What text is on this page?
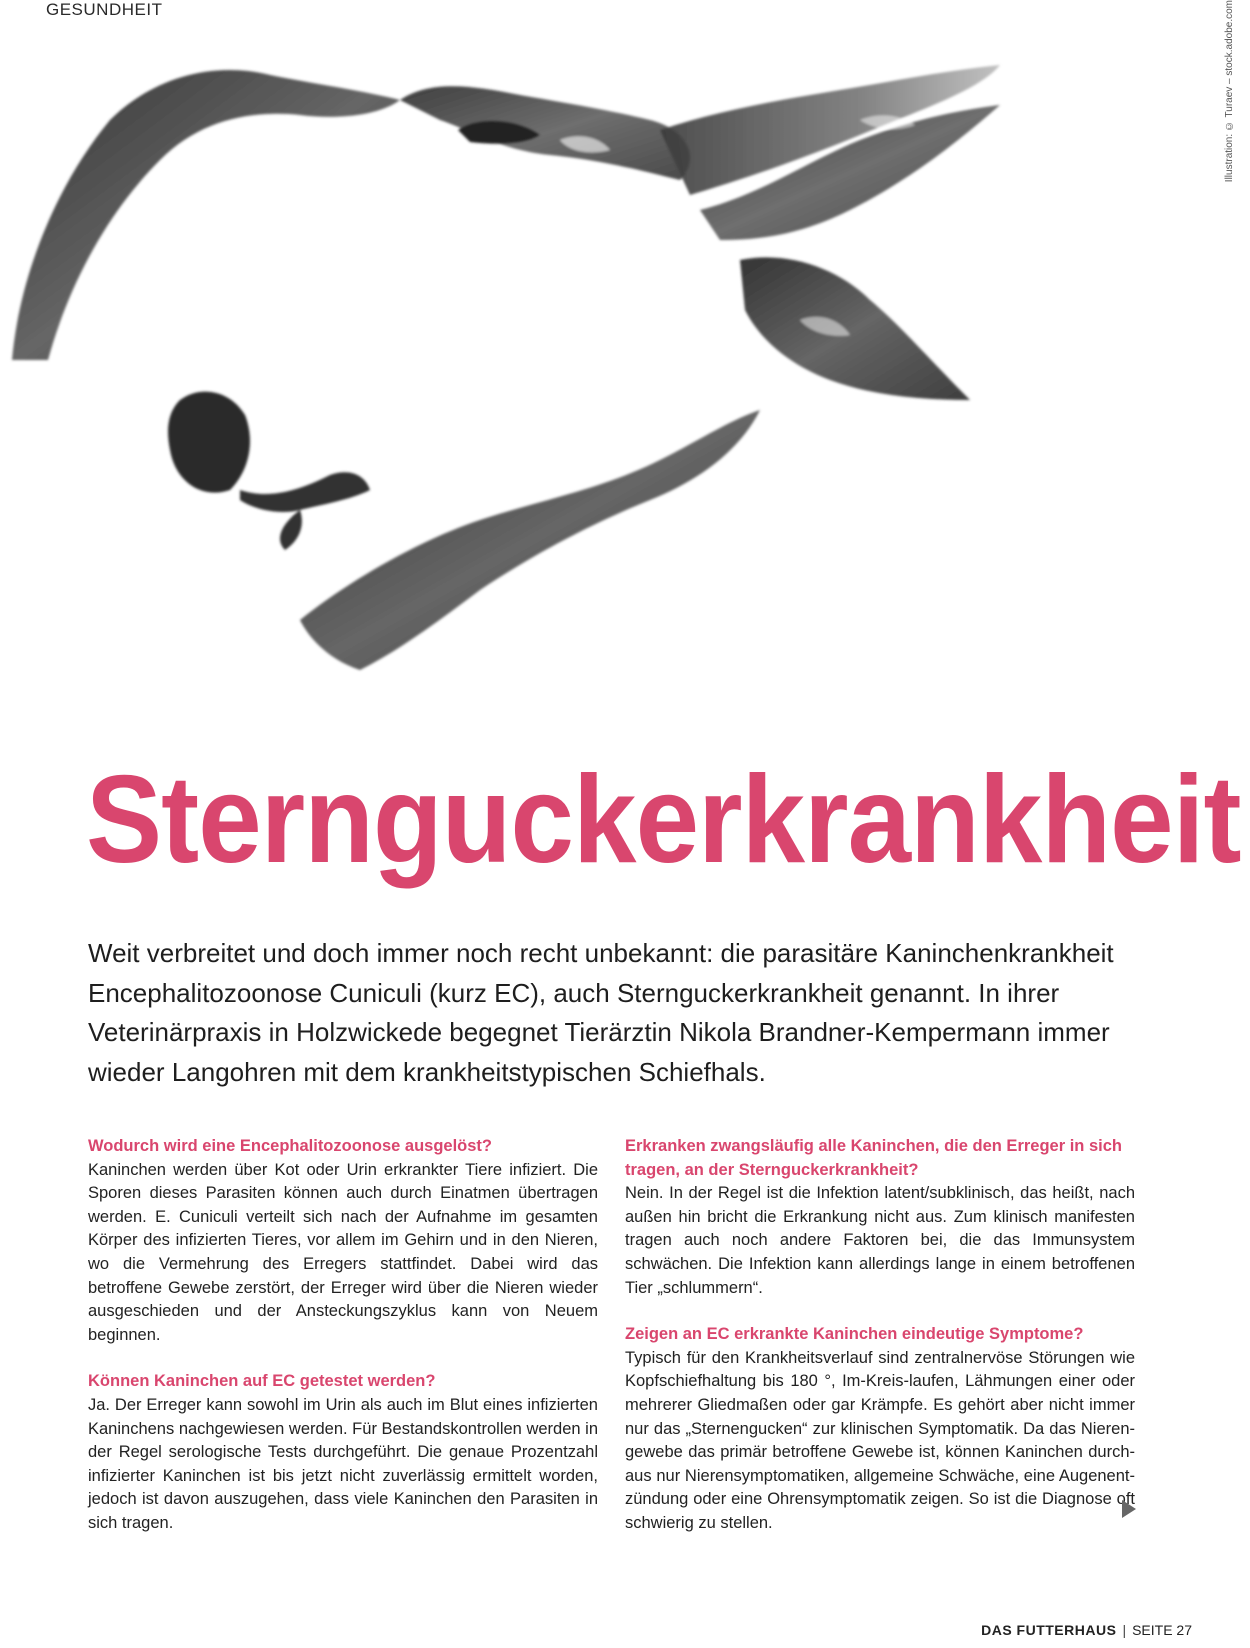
GESUNDHEIT	Illustration: © Turaev – stock.adobe.com
Sternguckerkrankheit

Weit verbreitet und doch immer noch recht unbekannt: die parasitäre Kaninchenkrankheit Encephalitozoonose Cuniculi (kurz EC), auch Sternguckerkrankheit genannt. In ihrer Veterinärpraxis in Holzwickede begegnet Tierärztin Nikola Brandner-Kempermann immer wieder Langohren mit dem krankheitstypischen Schiefhals.

Wodurch wird eine Encephalitozoonose ausgelöst?
Kaninchen werden über Kot oder Urin erkrankter Tiere infiziert. Die Sporen dieses Parasiten können auch durch Einatmen übertragen werden. E. Cuniculi verteilt sich nach der Aufnahme im gesamten Körper des infizierten Tieres, vor allem im Gehirn und in den Nieren, wo die Vermehrung des Erregers stattfindet. Dabei wird das betroffene Gewebe zerstört, der Erreger wird über die Nieren wieder ausgeschieden und der Ansteckungszyklus kann von Neuem beginnen.
Können Kaninchen auf EC getestet werden?
Ja. Der Erreger kann sowohl im Urin als auch im Blut eines infizierten Kaninchens nachgewiesen werden. Für Bestandskontrollen werden in der Regel serologische Tests durchgeführt. Die genaue Prozentzahl infizierter Kaninchen ist bis jetzt nicht zuverlässig ermittelt worden, jedoch ist davon auszugehen, dass viele Kaninchen den Parasiten in sich tragen.
Erkranken zwangsläufig alle Kaninchen, die den Erreger in sich tragen, an der Sternguckerkrankheit?
Nein. In der Regel ist die Infektion latent/subklinisch, das heißt, nach außen hin bricht die Erkrankung nicht aus. Zum klinisch manifesten tragen auch noch andere Faktoren bei, die das Immunsystem schwächen. Die Infektion kann allerdings lange in einem betroffenen Tier „schlummern“.
Zeigen an EC erkrankte Kaninchen eindeutige Symptome?
Typisch für den Krankheitsverlauf sind zentralnervöse Störungen wie Kopfschiefhaltung bis 180 °, Im-Kreis-laufen, Lähmungen einer oder mehrerer Gliedmaßen oder gar Krämpfe. Es gehört aber nicht immer nur das „Sternengucken“ zur klinischen Symptomatik. Da das Nierengewebe das primär betroffene Gewebe ist, können Kaninchen durchaus nur Nierensymptomatiken, allgemeine Schwäche, eine Augenentzündung oder eine Ohrensymptomatik zeigen. So ist die Diagnose oft schwierig zu stellen.
DAS FUTTERHAUS | SEITE 27
